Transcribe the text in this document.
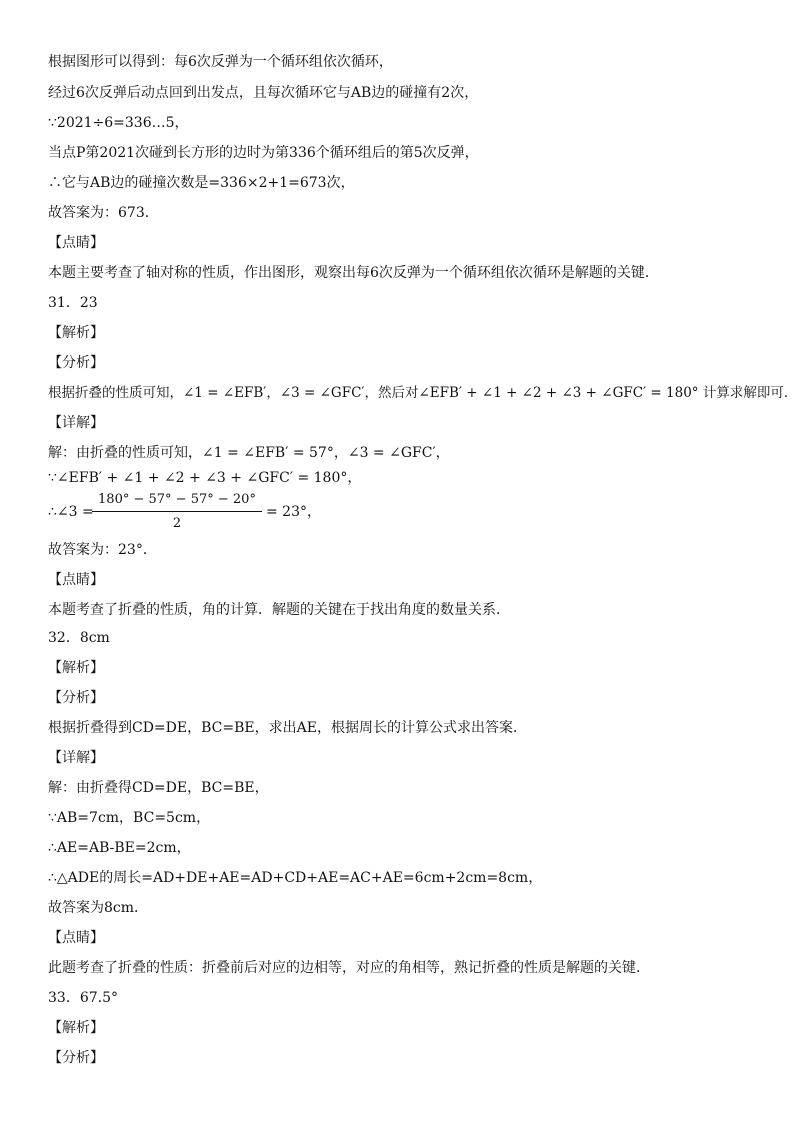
根据图形可以得到：每6次反弹为一个循环组依次循环，
经过6次反弹后动点回到出发点，且每次循环它与AB边的碰撞有2次，
∵2021÷6=336…5，
当点P第2021次碰到长方形的边时为第336个循环组后的第5次反弹，
∴它与AB边的碰撞次数是=336×2+1=673次，
故答案为：673．
【点睛】
本题主要考查了轴对称的性质，作出图形，观察出每6次反弹为一个循环组依次循环是解题的关键．
31．23
【解析】
【分析】
根据折叠的性质可知，∠1 = ∠EFB′，∠3 = ∠GFC′，然后对∠EFB′ + ∠1 + ∠2 + ∠3 + ∠GFC′ = 180° 计算求解即可．
【详解】
解：由折叠的性质可知，∠1 = ∠EFB′ = 57°，∠3 = ∠GFC′，
∵∠EFB′ + ∠1 + ∠2 + ∠3 + ∠GFC′ = 180°，
∴∠3 =
180° − 57° − 57° − 20°
2
= 23°，
故答案为：23°．
【点睛】
本题考查了折叠的性质，角的计算．解题的关键在于找出角度的数量关系．
32．8cm
【解析】
【分析】
根据折叠得到CD=DE，BC=BE，求出AE，根据周长的计算公式求出答案．
【详解】
解：由折叠得CD=DE，BC=BE，
∵AB=7cm，BC=5cm，
∴AE=AB-BE=2cm，
∴△ADE的周长=AD+DE+AE=AD+CD+AE=AC+AE=6cm+2cm=8cm，
故答案为8cm．
【点睛】
此题考查了折叠的性质：折叠前后对应的边相等，对应的角相等，熟记折叠的性质是解题的关键．
33．67.5°
【解析】
【分析】
